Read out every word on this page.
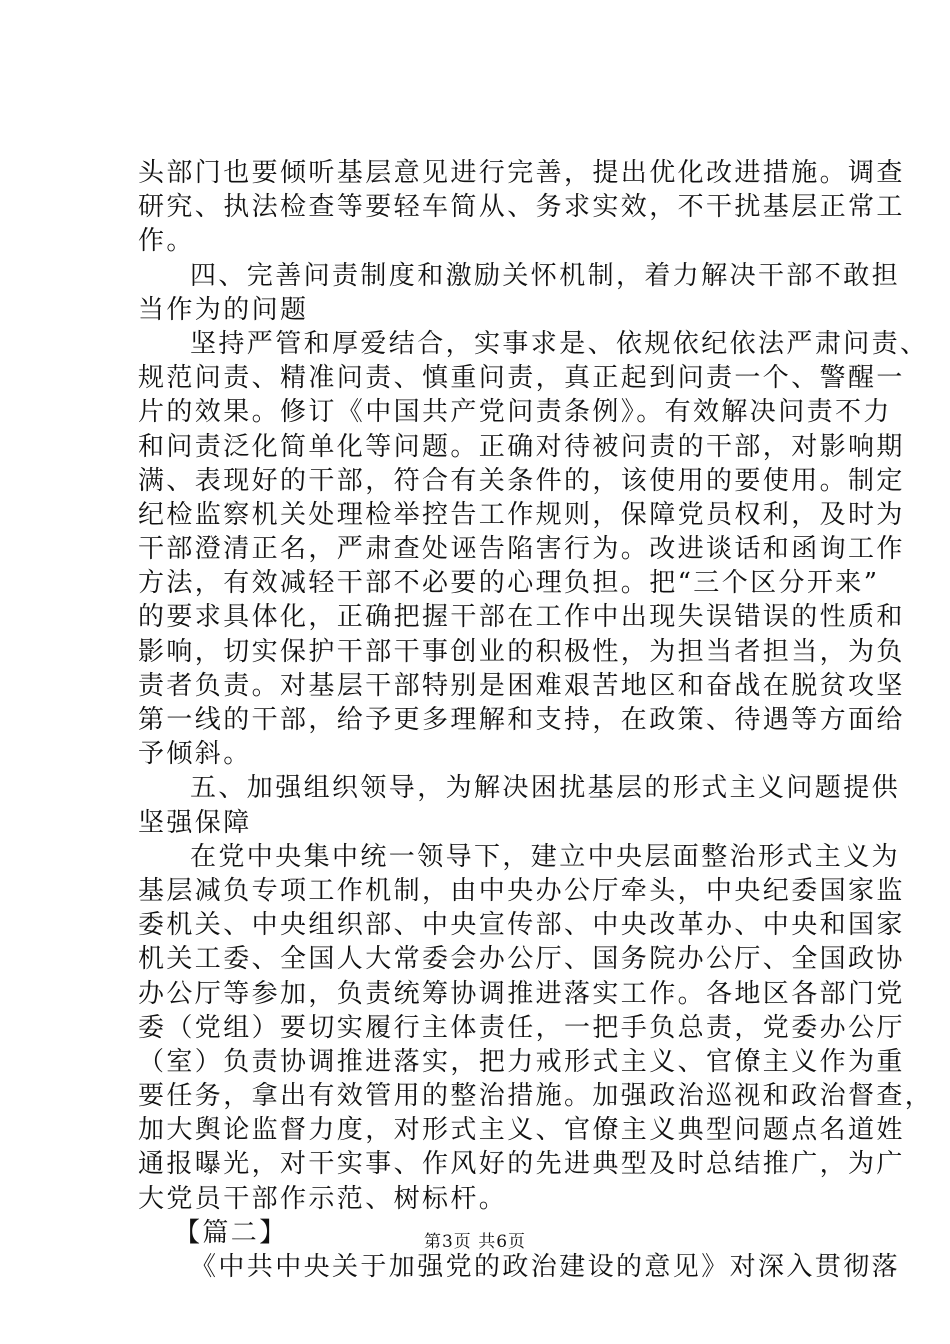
头部门也要倾听基层意见进行完善，提出优化改进措施。调查
研究、执法检查等要轻车简从、务求实效，不干扰基层正常工
作。
四、完善问责制度和激励关怀机制，着力解决干部不敢担
当作为的问题
坚持严管和厚爱结合，实事求是、依规依纪依法严肃问责、
规范问责、精准问责、慎重问责，真正起到问责一个、警醒一
片的效果。修订《中国共产党问责条例》。有效解决问责不力
和问责泛化简单化等问题。正确对待被问责的干部，对影响期
满、表现好的干部，符合有关条件的，该使用的要使用。制定
纪检监察机关处理检举控告工作规则，保障党员权利，及时为
干部澄清正名，严肃查处诬告陷害行为。改进谈话和函询工作
方法，有效减轻干部不必要的心理负担。把“三个区分开来”
的要求具体化，正确把握干部在工作中出现失误错误的性质和
影响，切实保护干部干事创业的积极性，为担当者担当，为负
责者负责。对基层干部特别是困难艰苦地区和奋战在脱贫攻坚
第一线的干部，给予更多理解和支持，在政策、待遇等方面给
予倾斜。
五、加强组织领导，为解决困扰基层的形式主义问题提供
坚强保障
在党中央集中统一领导下，建立中央层面整治形式主义为
基层减负专项工作机制，由中央办公厅牵头，中央纪委国家监
委机关、中央组织部、中央宣传部、中央改革办、中央和国家
机关工委、全国人大常委会办公厅、国务院办公厅、全国政协
办公厅等参加，负责统筹协调推进落实工作。各地区各部门党
委（党组）要切实履行主体责任，一把手负总责，党委办公厅
（室）负责协调推进落实，把力戒形式主义、官僚主义作为重
要任务，拿出有效管用的整治措施。加强政治巡视和政治督查，
加大舆论监督力度，对形式主义、官僚主义典型问题点名道姓
通报曝光，对干实事、作风好的先进典型及时总结推广，为广
大党员干部作示范、树标杆。
【篇二】
《中共中央关于加强党的政治建设的意见》对深入贯彻落
第3页 共6页
